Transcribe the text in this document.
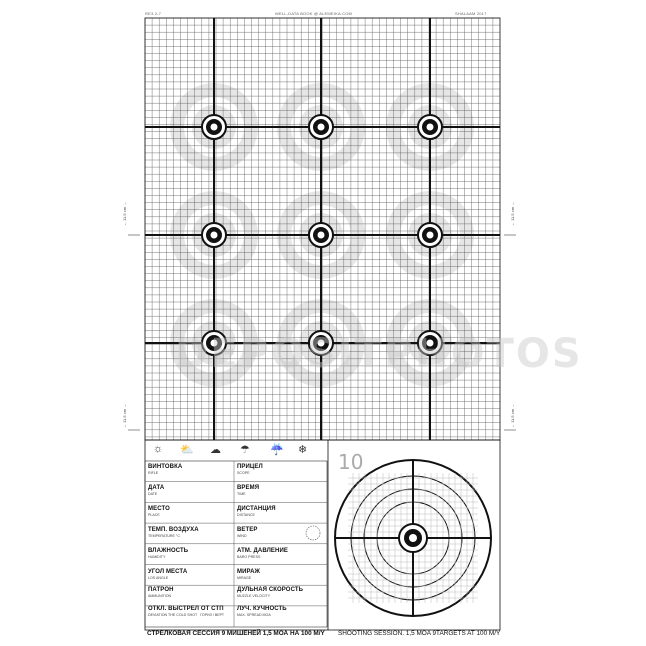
RE3.2-7	WELL-DATA BOOK @ ALEMEIKA.COM	SHALAAM 2017
← 11.5 cm →
← 11.5 cm →
← 11.5 cm →
← 11.5 cm →
DEPOSITPHOTOS
☼ ⛅ ☁ ☂ ☔ ❄
ВИНТОВКА
RIFLE
ПРИЦЕЛ
SCOPE
ДАТА
DATE
ВРЕМЯ
TIME
МЕСТО
PLACE
ДИСТАНЦИЯ
DISTANCE
ТЕМП. ВОЗДУХА
TEMPERATURE °C
ВЕТЕР
WIND
ВЛАЖНОСТЬ
HUMIDITY
АТМ. ДАВЛЕНИЕ
BARO PRESS
УГОЛ МЕСТА
LOS ANGLE
МИРАЖ
MIRAGE
ПАТРОН
AMMUNITION
ДУЛЬНАЯ СКОРОСТЬ
MUZZLE VELOCITY
ОТКЛ. ВЫСТРЕЛ ОТ СТП
DEVIATION THE COLD SHOT ГОРИЗ / ВЕРТ
ЛУЧ. КУЧНОСТЬ
MAX. SPREAD MOA
10
СТРЕЛКОВАЯ СЕССИЯ 9 МИШЕНЕЙ 1,5 МОА НА 100 М/Y SHOOTING SESSION. 1,5 MOA 9TARGETS AT 100 M/Y
